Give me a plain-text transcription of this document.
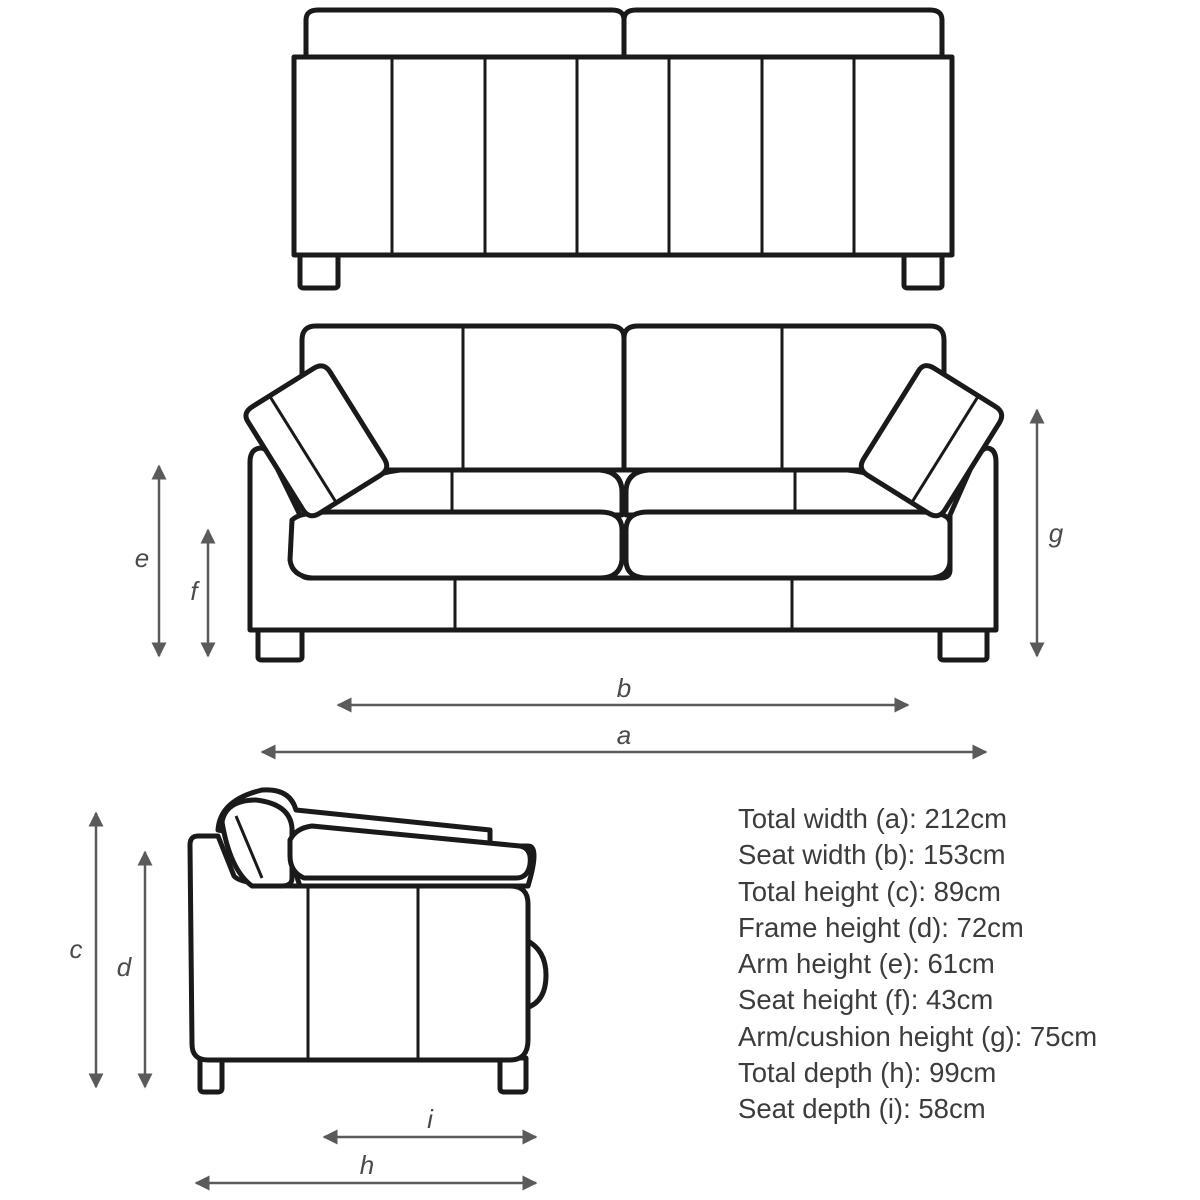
a
b
e
f
g
c
d
i
h
Total width (a): 212cm
Seat width (b): 153cm
Total height (c): 89cm
Frame height (d): 72cm
Arm height (e): 61cm
Seat height (f): 43cm
Arm/cushion height (g): 75cm
Total depth (h): 99cm
Seat depth (i): 58cm
